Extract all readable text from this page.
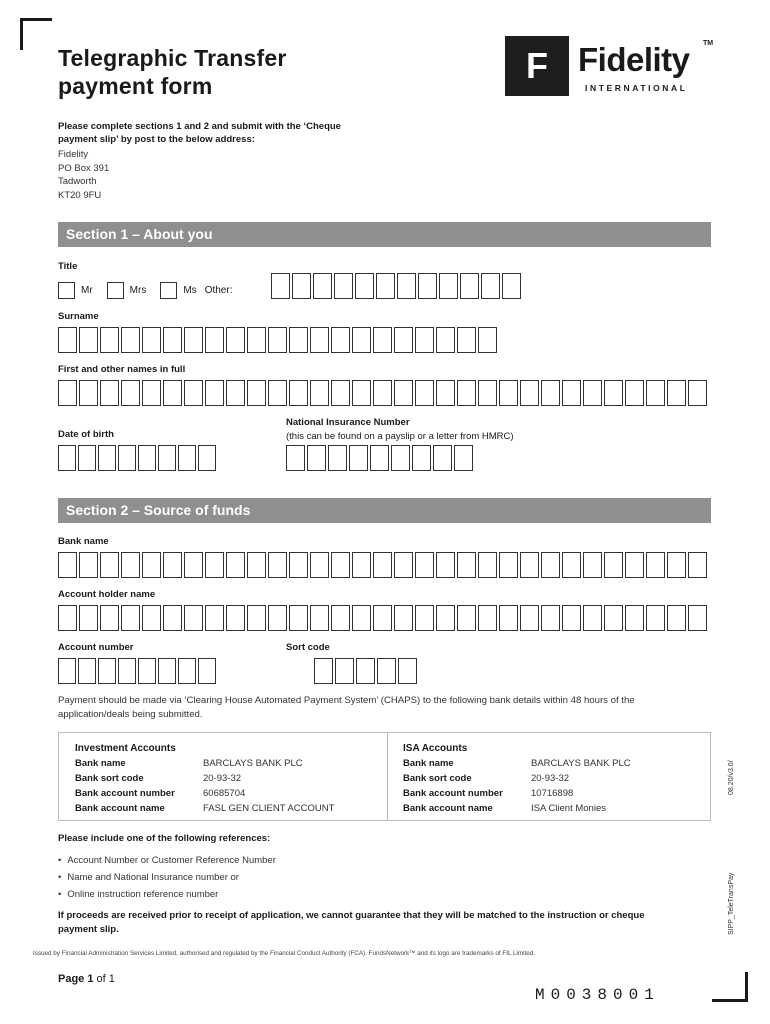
Telegraphic Transfer
payment form	F Fidelity
INTERNATIONAL
TM
Please complete sections 1 and 2 and submit with the ‘Cheque payment slip’ by post to the below address:
Fidelity
PO Box 391
Tadworth
KT20 9FU
Section 1 – About you
Title
Mr	Mrs	Ms Other:
Surname
First and other names in full
National Insurance Number
(this can be found on a payslip or a letter from HMRC)
Date of birth
Section 2 – Source of funds
Bank name
Account holder name
Account number	Sort code
Payment should be made via ‘Clearing House Automated Payment System’ (CHAPS) to the following bank details within 48 hours of the application/deals being submitted.
Investment Accounts
Bank name	BARCLAYS BANK PLC
Bank sort code	20-93-32
Bank account number	60685704
Bank account name	FASL GEN CLIENT ACCOUNT
ISA Accounts
Bank name	BARCLAYS BANK PLC
Bank sort code	20-93-32
Bank account number	10716898
Bank account name	ISA Client Monies
Please include one of the following references:
• Account Number or Customer Reference Number
• Name and National Insurance number or
• Online instruction reference number
If proceeds are received prior to receipt of application, we cannot guarantee that they will be matched to the instruction or cheque payment slip.
Issued by Financial Administration Services Limited, authorised and regulated by the Financial Conduct Authority (FCA). FundsNetwork™ and its logo are trademarks of FIL Limited.
Page 1 of 1
M0038001
SIPP_TeleTransPay
08.20/v3.0/
